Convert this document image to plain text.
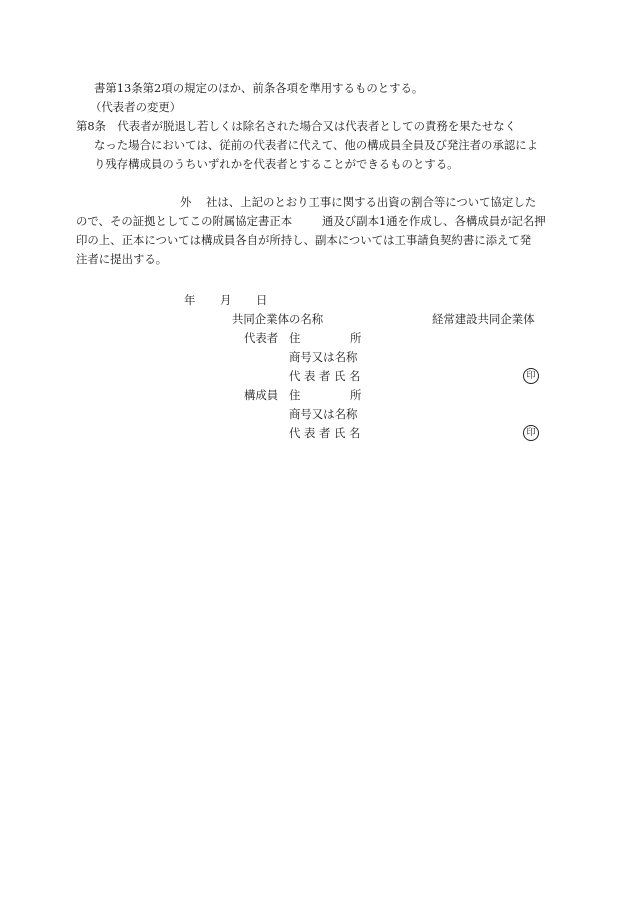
書第13条第2項の規定のほか、前条各項を準用するものとする。
（代表者の変更）
第8条　代表者が脱退し若しくは除名された場合又は代表者としての責務を果たせなく
なった場合においては、従前の代表者に代えて、他の構成員全員及び発注者の承認によ
り残存構成員のうちいずれかを代表者とすることができるものとする。
外 社は、上記のとおり工事に関する出資の割合等について協定した
ので、その証拠としてこの附属協定書正本	通及び副本1通を作成し、各構成員が記名押
印の上、正本については構成員各自が所持し、副本については工事請負契約書に添えて発
注者に提出する。
年 月 日
共同企業体の名称	経常建設共同企業体
代表者 住	所
商号又は名称
代 表 者 氏 名	印
構成員 住	所
商号又は名称
代 表 者 氏 名	印
